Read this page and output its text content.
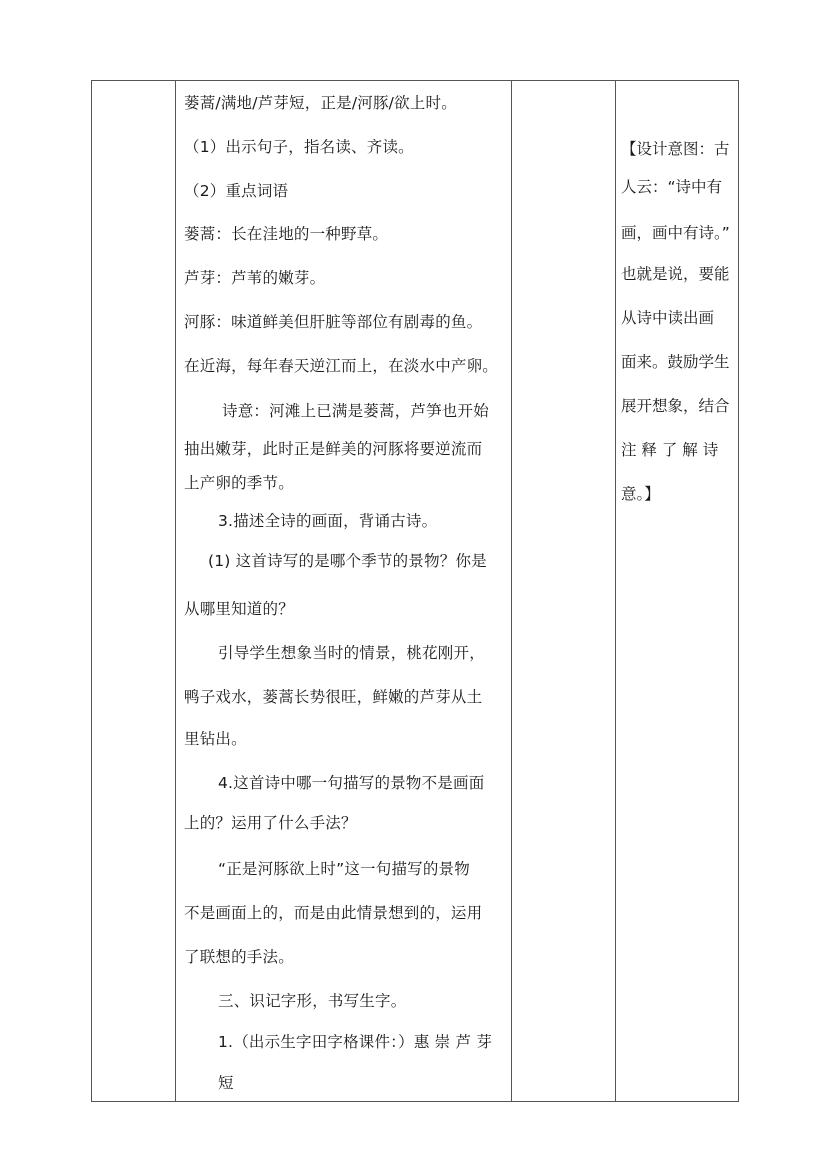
蒌蒿/满地/芦芽短，正是/河豚/欲上时。
（1）出示句子，指名读、齐读。
（2）重点词语
蒌蒿：长在洼地的一种野草。
芦芽：芦苇的嫩芽。
河豚：味道鲜美但肝脏等部位有剧毒的鱼。
在近海，每年春天逆江而上，在淡水中产卵。
诗意：河滩上已满是蒌蒿，芦笋也开始
抽出嫩芽，此时正是鲜美的河豚将要逆流而
上产卵的季节。
3.描述全诗的画面，背诵古诗。
(1) 这首诗写的是哪个季节的景物？你是
从哪里知道的？
引导学生想象当时的情景，桃花刚开，
鸭子戏水，蒌蒿长势很旺，鲜嫩的芦芽从土
里钻出。
4.这首诗中哪一句描写的景物不是画面
上的？运用了什么手法？
“正是河豚欲上时”这一句描写的景物
不是画面上的，而是由此情景想到的，运用
了联想的手法。
三、识记字形，书写生字。
1.（出示生字田字格课件：）惠 崇 芦 芽
短
【设计意图：古
人云：“诗中有
画，画中有诗。”
也就是说，要能
从诗中读出画
面来。鼓励学生
展开想象，结合
注 释 了 解 诗
意。】
